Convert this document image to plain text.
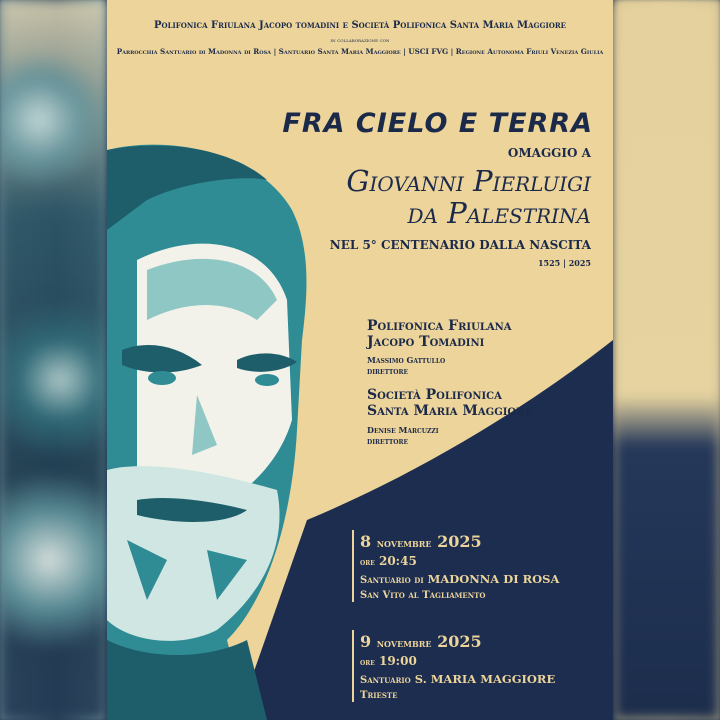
Polifonica Friulana Jacopo tomadini e Società Polifonica Santa Maria Maggiore
in collaborazione con
Parrocchia Santuario di Madonna di Rosa | Santuario Santa Maria Maggiore | USCI FVG | Regione Autonoma Friuli Venezia Giulia
FRA CIELO E TERRA
OMAGGIO A
Giovanni Pierluigi
da Palestrina
NEL 5° CENTENARIO DALLA NASCITA
1525 | 2025
Polifonica Friulana
Jacopo Tomadini
Massimo Gattullo
direttore
Società Polifonica
Santa Maria Maggiore
Denise Marcuzzi
direttore
8 novembre 2025
ore 20:45
Santuario di MADONNA DI ROSA
San Vito al Tagliamento
9 novembre 2025
ore 19:00
Santuario S. MARIA MAGGIORE
Trieste
